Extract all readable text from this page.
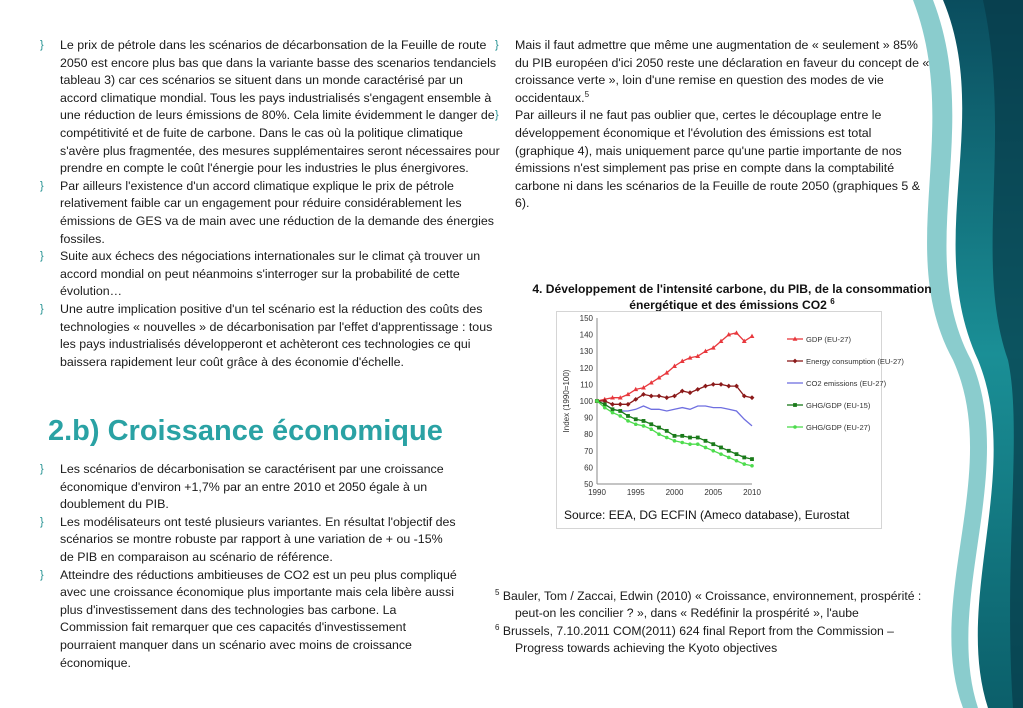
} Le prix de pétrole dans les scénarios de décarbonsation de la Feuille de route 2050 est encore plus bas que dans la variante basse des scenarios tendanciels tableau 3) car ces scénarios se situent dans un monde caractérisé par un accord climatique mondial. Tous les pays industrialisés s'engagent ensemble à une réduction de leurs émissions de 80%. Cela limite évidemment le danger de compétitivité et de fuite de carbone. Dans le cas où la politique climatique s'avère plus fragmentée, des mesures supplémentaires seront nécessaires pour prendre en compte le coût l'énergie pour les industries le plus énergivores.
} Par ailleurs l'existence d'un accord climatique explique le prix de pétrole relativement faible car un engagement pour réduire considérablement les émissions de GES va de main avec une réduction de la demande des énergies fossiles.
} Suite aux échecs des négociations internationales sur le climat çà trouver un accord mondial on peut néanmoins s'interroger sur la probabilité de cette évolution…
} Une autre implication positive d'un tel scénario est la réduction des coûts des technologies « nouvelles » de décarbonisation par l'effet d'apprentissage : tous les pays industrialisés développeront et achèteront ces technologies ce qui baissera rapidement leur coût grâce à des économie d'échelle.
2.b) Croissance économique
} Les scénarios de décarbonisation se caractérisent par une croissance économique d'environ +1,7% par an entre 2010 et 2050 égale à un doublement du PIB.
} Les modélisateurs ont testé plusieurs variantes. En résultat l'objectif des scénarios se montre robuste par rapport à une variation de + ou -15% de PIB en comparaison au scénario de référence.
} Atteindre des réductions ambitieuses de CO2 est un peu plus compliqué avec une croissance économique plus importante mais cela libère aussi plus d'investissement dans des technologies bas carbone. La Commission fait remarquer que ces capacités d'investissement pourraient manquer dans un scénario avec moins de croissance économique.
} Mais il faut admettre que même une augmentation de « seulement » 85% du PIB européen d'ici 2050 reste une déclaration en faveur du concept de « croissance verte », loin d'une remise en question des modes de vie occidentaux.$^5$
} Par ailleurs il ne faut pas oublier que, certes le découplage entre le développement économique et l'évolution des émissions est total (graphique 4), mais uniquement parce qu'une partie importante de nos émissions n'est simplement pas prise en compte dans la comptabilité carbone ni dans les scénarios de la Feuille de route 2050 (graphiques 5 & 6).
4. Développement de l'intensité carbone, du PIB, de la consommation énergétique et des émissions CO2 $^6$
50
60
70
80
90
100
110
120
130
140
150
1990	1995	2000	2005	2010
Index (1990=100)
GDP (EU-27)
Energy consumption (EU-27)
CO2 emissions (EU-27)
GHG/GDP (EU-15)
GHG/GDP (EU-27)
Source: EEA, DG ECFIN (Ameco database), Eurostat

$^5$ Bauler, Tom / Zaccai, Edwin (2010) « Croissance, environnement, prospérité : peut-on les concilier ? », dans « Redéfinir la prospérité », l'aube

$^6$ Brussels, 7.10.2011 COM(2011) 624 final Report from the Commission – Progress towards achieving the Kyoto objectives
